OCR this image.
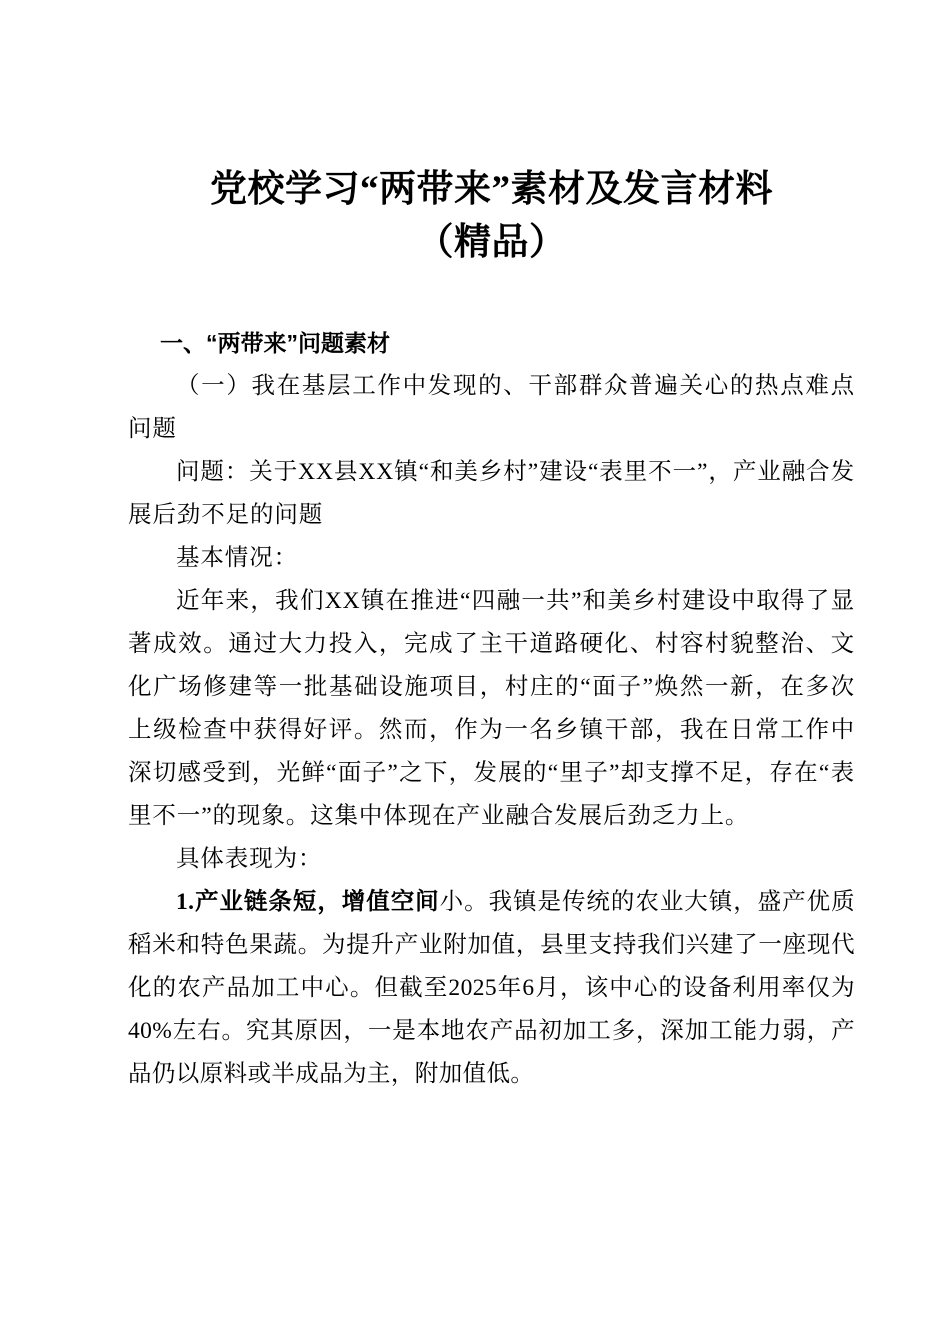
党校学习“两带来”素材及发言材料
（精品）

一、“两带来”问题素材

（一）我在基层工作中发现的、干部群众普遍关心的热点难点问题

问题：关于XX县XX镇“和美乡村”建设“表里不一”，产业融合发展后劲不足的问题

基本情况：

近年来，我们XX镇在推进“四融一共”和美乡村建设中取得了显著成效。通过大力投入，完成了主干道路硬化、村容村貌整治、文化广场修建等一批基础设施项目，村庄的“面子”焕然一新，在多次上级检查中获得好评。然而，作为一名乡镇干部，我在日常工作中深切感受到，光鲜“面子”之下，发展的“里子”却支撑不足，存在“表里不一”的现象。这集中体现在产业融合发展后劲乏力上。

具体表现为：

1.产业链条短，增值空间小。我镇是传统的农业大镇，盛产优质稻米和特色果蔬。为提升产业附加值，县里支持我们兴建了一座现代化的农产品加工中心。但截至2025年6月，该中心的设备利用率仅为40%左右。究其原因，一是本地农产品初加工多，深加工能力弱，产品仍以原料或半成品为主，附加值低。
